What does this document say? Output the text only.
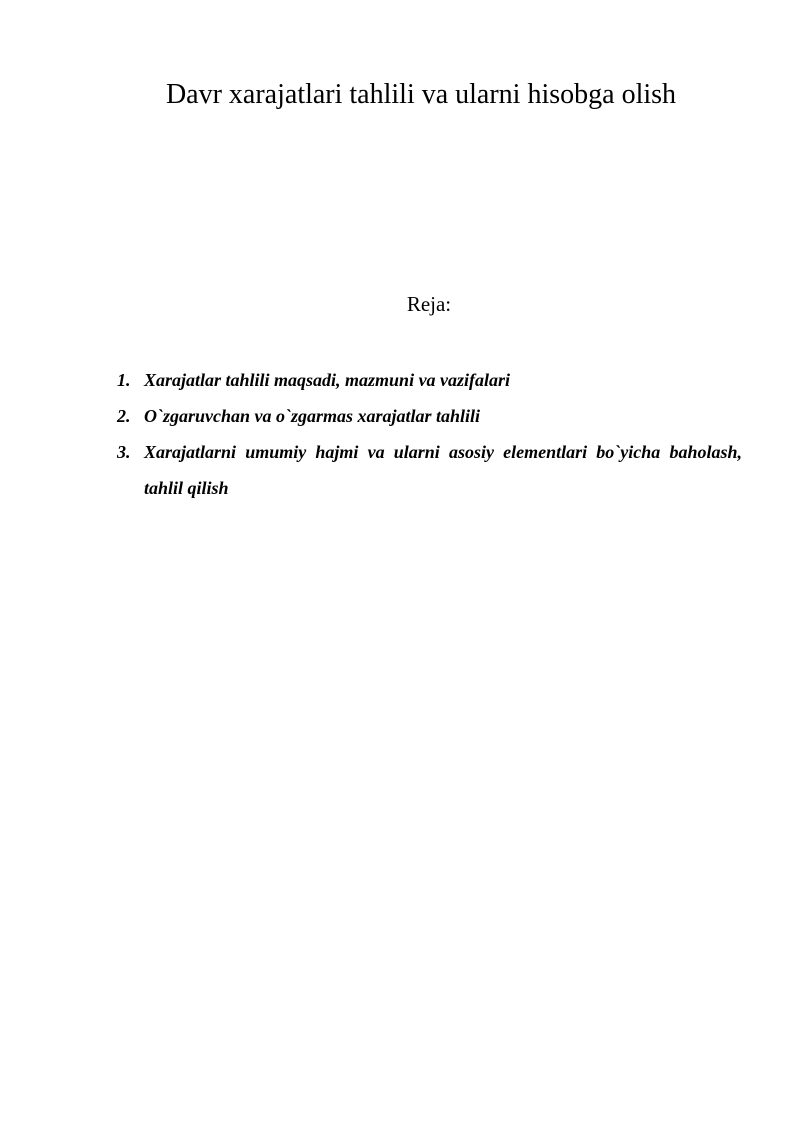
Davr xarajatlari tahlili va ularni hisobga olish

Reja:

1. Xarajatlar tahlili maqsadi, mazmuni va vazifalari
2. O`zgaruvchan va o`zgarmas xarajatlar tahlili
3. Xarajatlarni umumiy hajmi va ularni asosiy elementlari bo`yicha baholash, tahlil qilish
